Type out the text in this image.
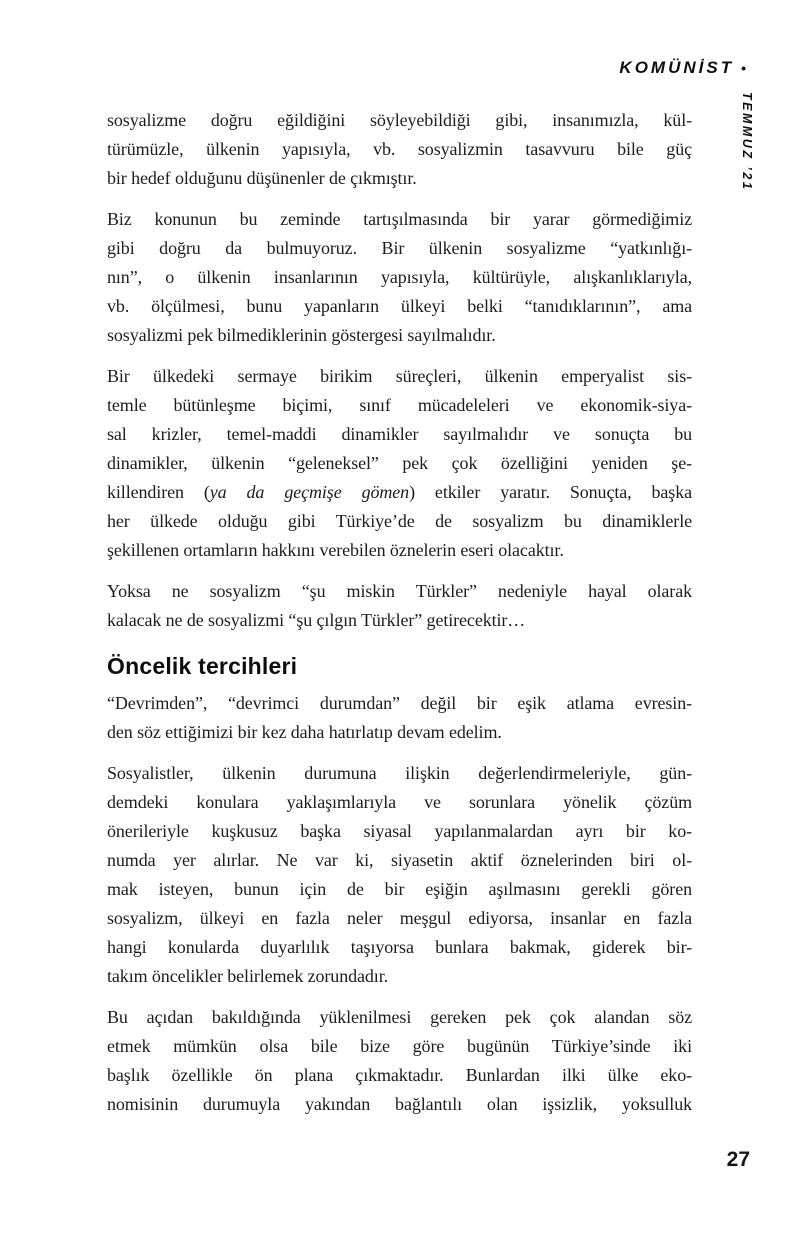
KOMÜNİST •
TEMMUZ ’21

sosyalizme doğru eğildiğini söyleyebildiği gibi, insanımızla, kül-
türümüzle, ülkenin yapısıyla, vb. sosyalizmin tasavvuru bile güç
bir hedef olduğunu düşünenler de çıkmıştır.

Biz konunun bu zeminde tartışılmasında bir yarar görmediğimiz
gibi doğru da bulmuyoruz. Bir ülkenin sosyalizme “yatkınlığı-
nın”, o ülkenin insanlarının yapısıyla, kültürüyle, alışkanlıklarıyla,
vb. ölçülmesi, bunu yapanların ülkeyi belki “tanıdıklarının”, ama
sosyalizmi pek bilmediklerinin göstergesi sayılmalıdır.

Bir ülkedeki sermaye birikim süreçleri, ülkenin emperyalist sis-
temle bütünleşme biçimi, sınıf mücadeleleri ve ekonomik-siya-
sal krizler, temel-maddi dinamikler sayılmalıdır ve sonuçta bu
dinamikler, ülkenin “geleneksel” pek çok özelliğini yeniden şe-
killendiren (ya da geçmişe gömen) etkiler yaratır. Sonuçta, başka
her ülkede olduğu gibi Türkiye’de de sosyalizm bu dinamiklerle
şekillenen ortamların hakkını verebilen öznelerin eseri olacaktır.

Yoksa ne sosyalizm “şu miskin Türkler” nedeniyle hayal olarak
kalacak ne de sosyalizmi “şu çılgın Türkler” getirecektir…

Öncelik tercihleri

“Devrimden”, “devrimci durumdan” değil bir eşik atlama evresin-
den söz ettiğimizi bir kez daha hatırlatıp devam edelim.

Sosyalistler, ülkenin durumuna ilişkin değerlendirmeleriyle, gün-
demdeki konulara yaklaşımlarıyla ve sorunlara yönelik çözüm
önerileriyle kuşkusuz başka siyasal yapılanmalardan ayrı bir ko-
numda yer alırlar. Ne var ki, siyasetin aktif öznelerinden biri ol-
mak isteyen, bunun için de bir eşiğin aşılmasını gerekli gören
sosyalizm, ülkeyi en fazla neler meşgul ediyorsa, insanlar en fazla
hangi konularda duyarlılık taşıyorsa bunlara bakmak, giderek bir-
takım öncelikler belirlemek zorundadır.

Bu açıdan bakıldığında yüklenilmesi gereken pek çok alandan söz
etmek mümkün olsa bile bize göre bugünün Türkiye’sinde iki
başlık özellikle ön plana çıkmaktadır. Bunlardan ilki ülke eko-
nomisinin durumuyla yakından bağlantılı olan işsizlik, yoksulluk

27
